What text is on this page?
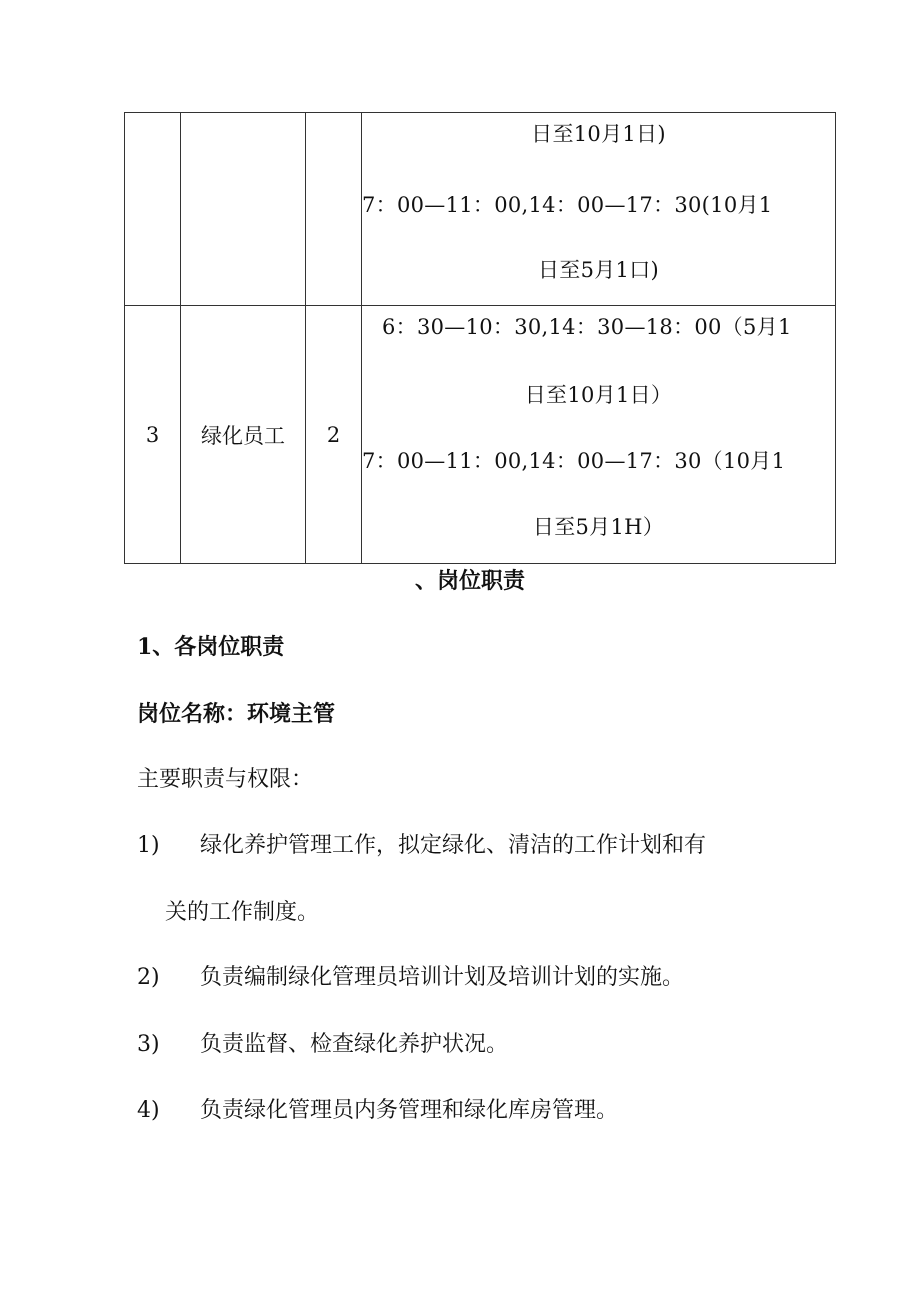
			日至10月1日)
7：00—11：00,14：00—17：30(10月1
日至5月1口)

3	绿化员工	2	6：30—10：30,14：30—18：00（5月1
日至10月1日）
7：00—11：00,14：00—17：30（10月1
日至5月1H）
、岗位职责
1、各岗位职责
岗位名称：环境主管
主要职责与权限：
1) 绿化养护管理工作，拟定绿化、清洁的工作计划和有
关的工作制度。
2) 负责编制绿化管理员培训计划及培训计划的实施。
3) 负责监督、检查绿化养护状况。
4) 负责绿化管理员内务管理和绿化库房管理。
